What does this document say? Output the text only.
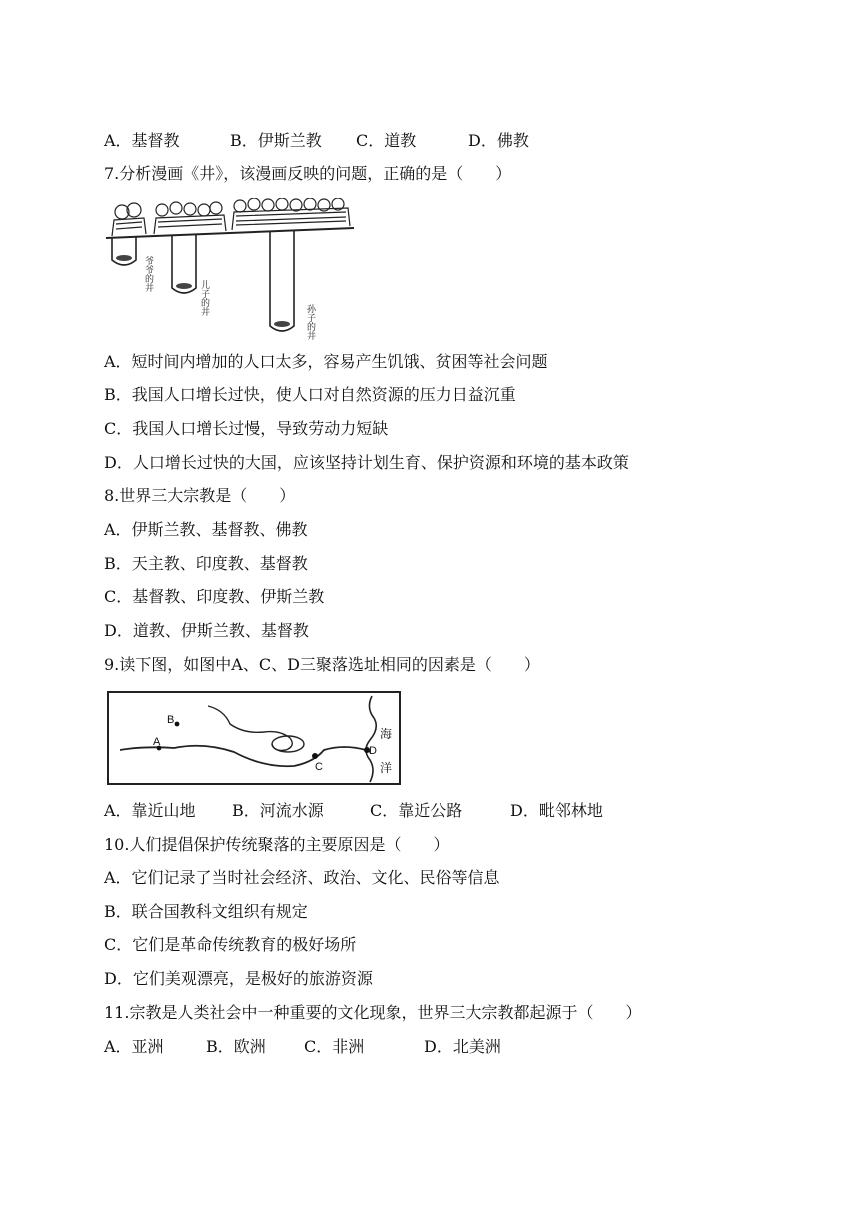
A．基督教	B．伊斯兰教 C．道教	D．佛教
7.分析漫画《井》，该漫画反映的问题，正确的是（　　）
爷爷的井
儿子的井
孙子的井
A．短时间内增加的人口太多，容易产生饥饿、贫困等社会问题
B．我国人口增长过快，使人口对自然资源的压力日益沉重
C．我国人口增长过慢，导致劳动力短缺
D．人口增长过快的大国，应该坚持计划生育、保护资源和环境的基本政策
8.世界三大宗教是（　　）
A．伊斯兰教、基督教、佛教
B．天主教、印度教、基督教
C．基督教、印度教、伊斯兰教
D．道教、伊斯兰教、基督教
9.读下图，如图中A、C、D三聚落选址相同的因素是（　　）
A
B
C
D
海
洋
A．靠近山地 B．河流水源	C．靠近公路	D．毗邻林地
10.人们提倡保护传统聚落的主要原因是（　　）
A．它们记录了当时社会经济、政治、文化、民俗等信息
B．联合国教科文组织有规定
C．它们是革命传统教育的极好场所
D．它们美观漂亮，是极好的旅游资源
11.宗教是人类社会中一种重要的文化现象，世界三大宗教都起源于（　　）
A．亚洲	B．欧洲 C．非洲	D．北美洲
